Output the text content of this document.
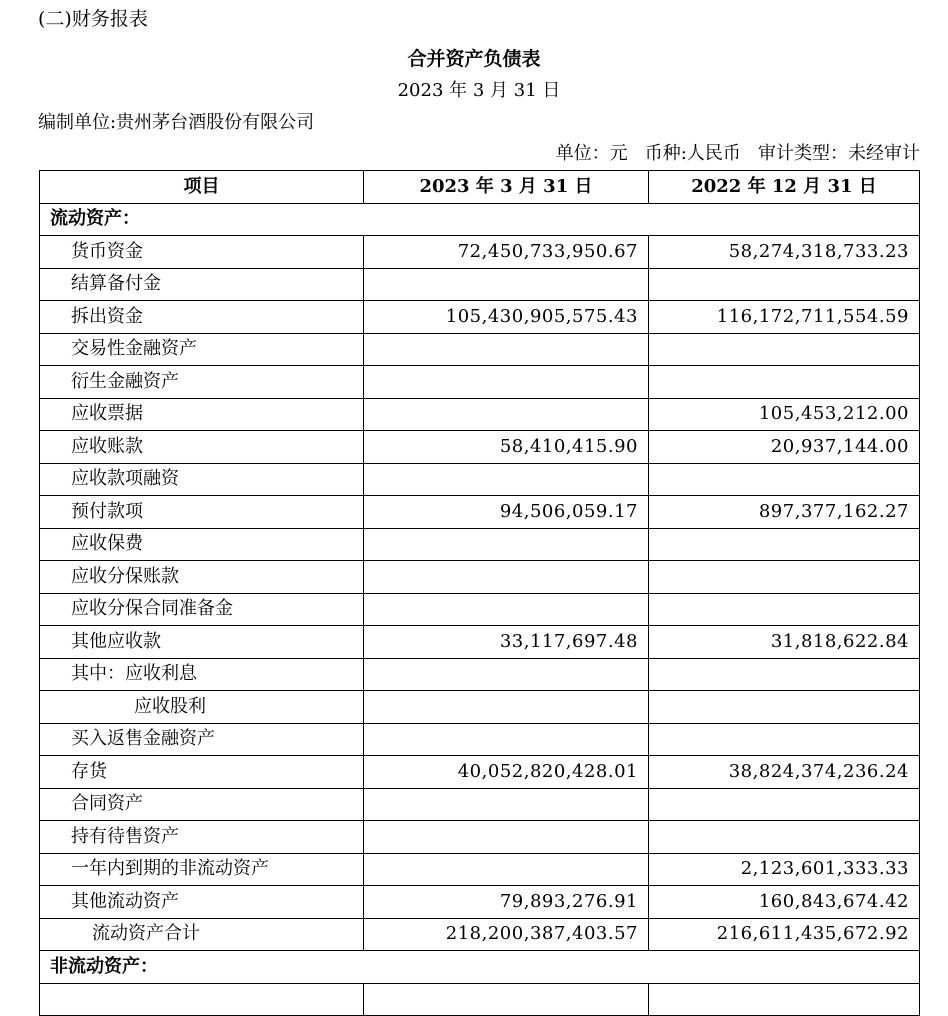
(二)财务报表
合并资产负债表
2023 年 3 月 31 日
编制单位:贵州茅台酒股份有限公司
单位：元   币种:人民币   审计类型：未经审计
项目	2023 年 3 月 31 日	2022 年 12 月 31 日
流动资产：		
货币资金	72,450,733,950.67	58,274,318,733.23
结算备付金		
拆出资金	105,430,905,575.43	116,172,711,554.59
交易性金融资产		
衍生金融资产		
应收票据		105,453,212.00
应收账款	58,410,415.90	20,937,144.00
应收款项融资		
预付款项	94,506,059.17	897,377,162.27
应收保费		
应收分保账款		
应收分保合同准备金		
其他应收款	33,117,697.48	31,818,622.84
其中：应收利息		
应收股利		
买入返售金融资产		
存货	40,052,820,428.01	38,824,374,236.24
合同资产		
持有待售资产		
一年内到期的非流动资产		2,123,601,333.33
其他流动资产	79,893,276.91	160,843,674.42
流动资产合计	218,200,387,403.57	216,611,435,672.92
非流动资产：		
